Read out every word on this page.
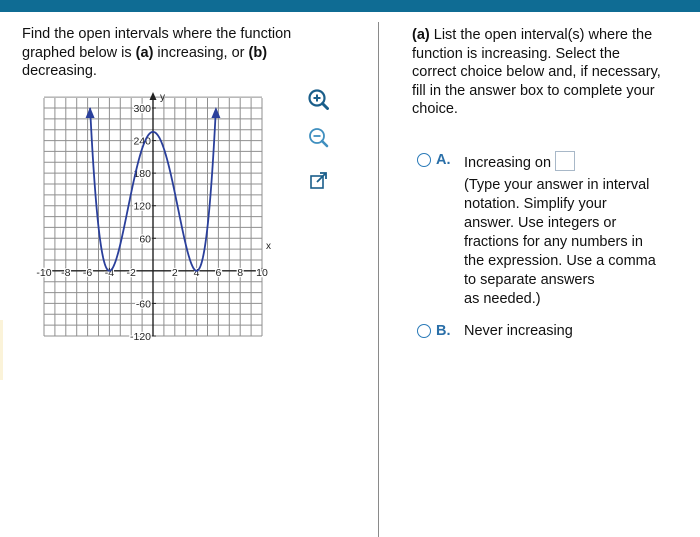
Find the open intervals where the function
graphed below is (a) increasing, or (b)
decreasing.
y
x
300
240
180
120
60
-60
-120
-10 -8 -6 -4 -2	2 4 6 8 10
(a) List the open interval(s) where the
function is increasing. Select the
correct choice below and, if necessary,
fill in the answer box to complete your
choice.
A. Increasing on
(Type your answer in interval
notation. Simplify your
answer. Use integers or
fractions for any numbers in
the expression. Use a comma
to separate answers
as needed.)
B. Never increasing
